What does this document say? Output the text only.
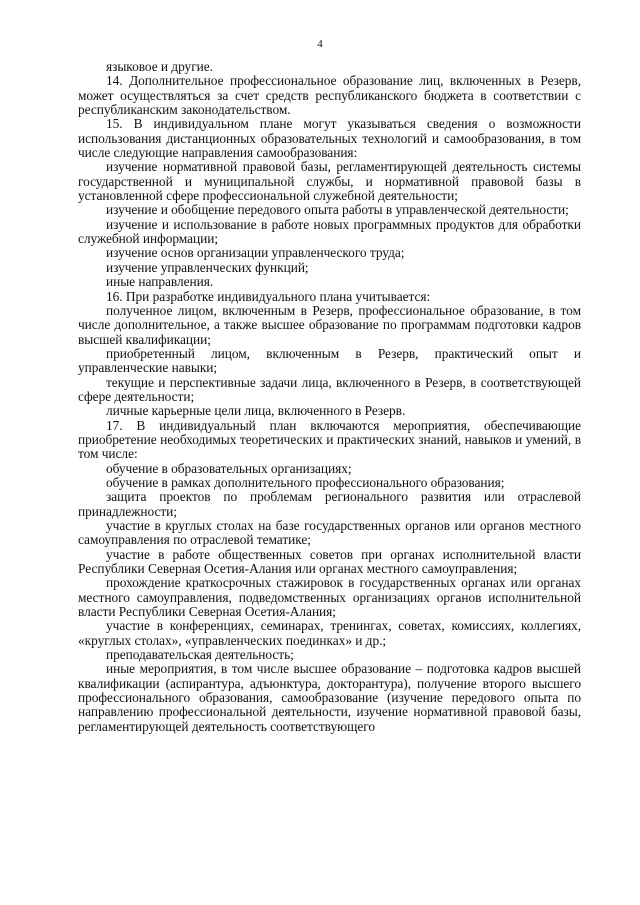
4

языковое и другие.

14. Дополнительное профессиональное образование лиц, включенных в Резерв, может осуществляться за счет средств республиканского бюджета в соответствии с республиканским законодательством.

15. В индивидуальном плане могут указываться сведения о возможности использования дистанционных образовательных технологий и самообразования, в том числе следующие направления самообразования:

изучение нормативной правовой базы, регламентирующей деятельность системы государственной и муниципальной службы, и нормативной правовой базы в установленной сфере профессиональной служебной деятельности;

изучение и обобщение передового опыта работы в управленческой деятельности;

изучение и использование в работе новых программных продуктов для обработки служебной информации;

изучение основ организации управленческого труда;

изучение управленческих функций;

иные направления.

16. При разработке индивидуального плана учитывается:

полученное лицом, включенным в Резерв, профессиональное образование, в том числе дополнительное, а также высшее образование по программам подготовки кадров высшей квалификации;

приобретенный лицом, включенным в Резерв, практический опыт и управленческие навыки;

текущие и перспективные задачи лица, включенного в Резерв, в соответствующей сфере деятельности;

личные карьерные цели лица, включенного в Резерв.

17. В индивидуальный план включаются мероприятия, обеспечивающие приобретение необходимых теоретических и практических знаний, навыков и умений, в том числе:

обучение в образовательных организациях;

обучение в рамках дополнительного профессионального образования;

защита проектов по проблемам регионального развития или отраслевой принадлежности;

участие в круглых столах на базе государственных органов или органов местного самоуправления по отраслевой тематике;

участие в работе общественных советов при органах исполнительной власти Республики Северная Осетия-Алания или органах местного самоуправления;

прохождение краткосрочных стажировок в государственных органах или органах местного самоуправления, подведомственных организациях органов исполнительной власти Республики Северная Осетия-Алания;

участие в конференциях, семинарах, тренингах, советах, комиссиях, коллегиях, «круглых столах», «управленческих поединках» и др.;

преподавательская деятельность;

иные мероприятия, в том числе высшее образование – подготовка кадров высшей квалификации (аспирантура, адъюнктура, докторантура), получение второго высшего профессионального образования, самообразование (изучение передового опыта по направлению профессиональной деятельности, изучение нормативной правовой базы, регламентирующей деятельность соответствующего
